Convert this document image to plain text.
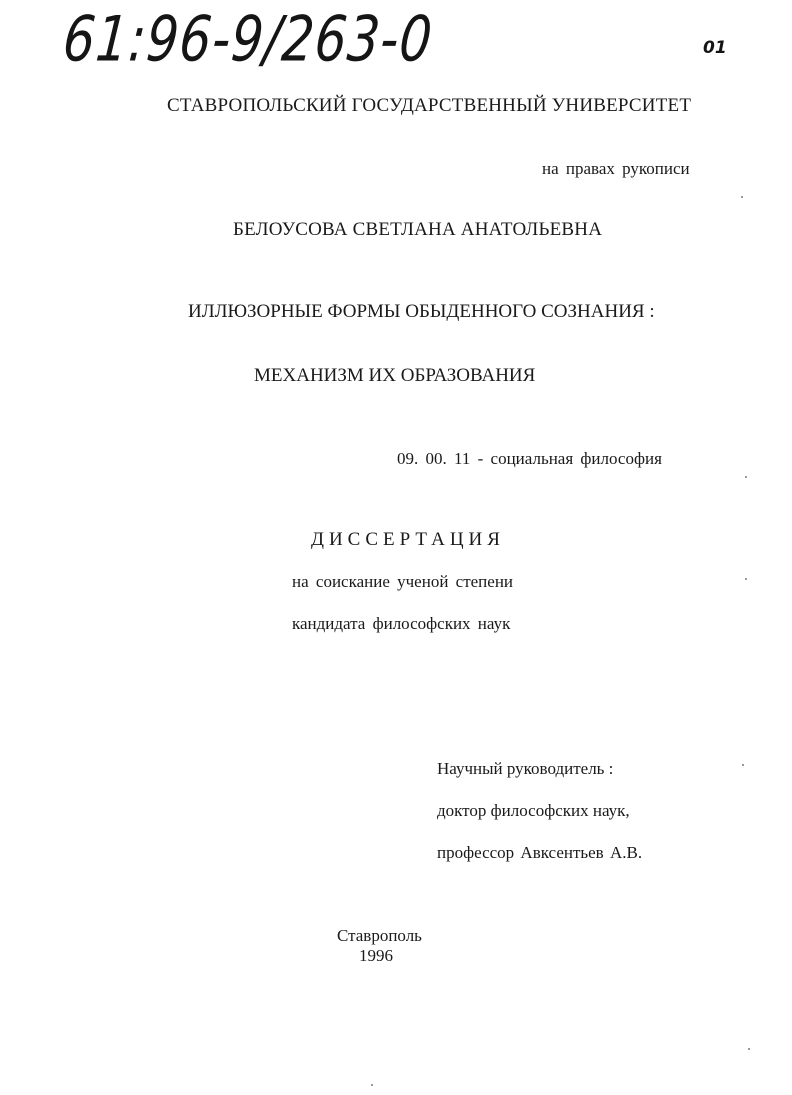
61:96-9/263-0	01
СТАВРОПОЛЬСКИЙ ГОСУДАРСТВЕННЫЙ УНИВЕРСИТЕТ
на правах рукописи
БЕЛОУСОВА СВЕТЛАНА АНАТОЛЬЕВНА
ИЛЛЮЗОРНЫЕ ФОРМЫ ОБЫДЕННОГО СОЗНАНИЯ :
МЕХАНИЗМ ИХ ОБРАЗОВАНИЯ
09. 00. 11 - социальная философия
ДИССЕРТАЦИЯ
на соискание ученой степени
кандидата философских наук
Научный руководитель :
доктор философских наук,
профессор Авксентьев А.В.
Ставрополь
1996
